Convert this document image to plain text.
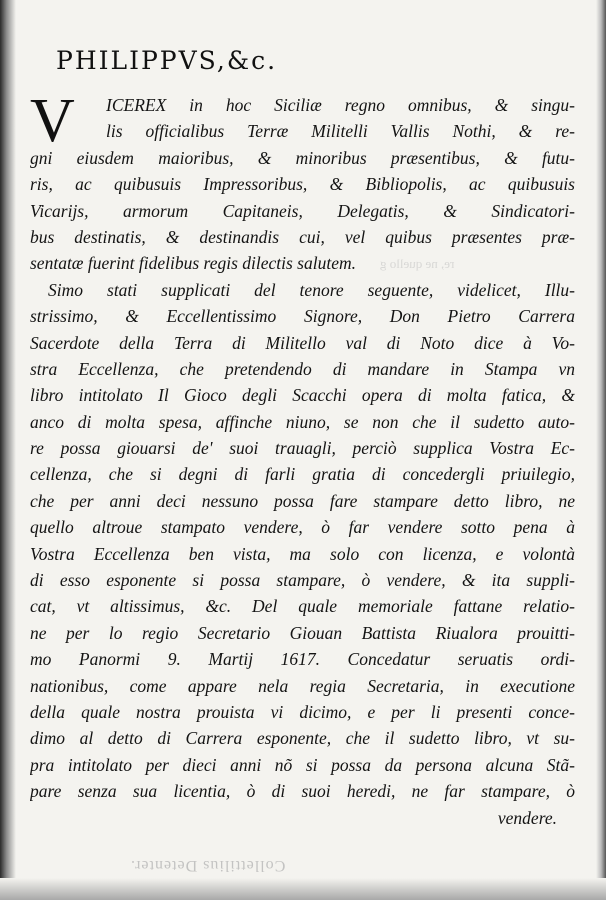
re, ne quello g
Collettilius Detenter.
PHILIPPVS,&c.
V	ICEREX in hoc Siciliæ regno omnibus, & singu-
lis officialibus Terræ Militelli Vallis Nothi, & re-
gni eiusdem maioribus, & minoribus præsentibus, & futu-
ris, ac quibusuis Impressoribus, & Bibliopolis, ac quibusuis
Vicarijs, armorum Capitaneis, Delegatis, & Sindicatori-
bus destinatis, & destinandis cui, vel quibus præsentes præ-
sentatæ fuerint fidelibus regis dilectis salutem.
Simo stati supplicati del tenore seguente, videlicet, Illu-
strissimo, & Eccellentissimo Signore, Don Pietro Carrera
Sacerdote della Terra di Militello val di Noto dice à Vo-
stra Eccellenza, che pretendendo di mandare in Stampa vn
libro intitolato Il Gioco degli Scacchi opera di molta fatica, &
anco di molta spesa, affinche niuno, se non che il sudetto auto-
re possa giouarsi de' suoi trauagli, perciò supplica Vostra Ec-
cellenza, che si degni di farli gratia di concedergli priuilegio,
che per anni deci nessuno possa fare stampare detto libro, ne
quello altroue stampato vendere, ò far vendere sotto pena à
Vostra Eccellenza ben vista, ma solo con licenza, e volontà
di esso esponente si possa stampare, ò vendere, & ita suppli-
cat, vt altissimus, &c. Del quale memoriale fattane relatio-
ne per lo regio Secretario Giouan Battista Riualora prouitti-
mo Panormi 9. Martij 1617. Concedatur seruatis ordi-
nationibus, come appare nela regia Secretaria, in executione
della quale nostra prouista vi dicimo, e per li presenti conce-
dimo al detto di Carrera esponente, che il sudetto libro, vt su-
pra intitolato per dieci anni nõ si possa da persona alcuna Stã-
pare senza sua licentia, ò di suoi heredi, ne far stampare, ò
vendere.
